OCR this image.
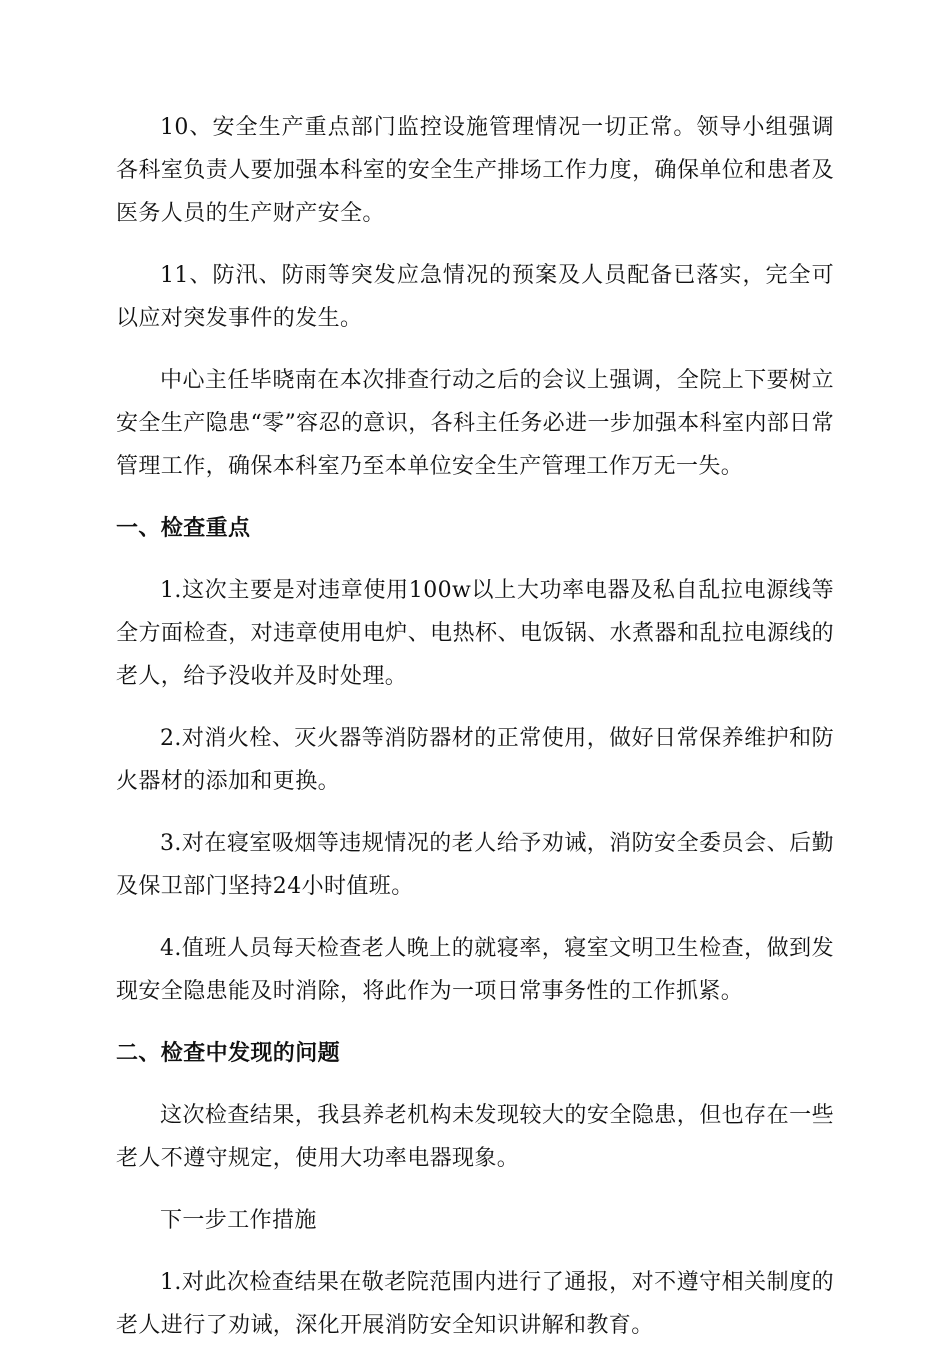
10、安全生产重点部门监控设施管理情况一切正常。领导小组强调各科室负责人要加强本科室的安全生产排场工作力度，确保单位和患者及医务人员的生产财产安全。

11、防汛、防雨等突发应急情况的预案及人员配备已落实，完全可以应对突发事件的发生。

中心主任毕晓南在本次排查行动之后的会议上强调，全院上下要树立安全生产隐患“零”容忍的意识，各科主任务必进一步加强本科室内部日常管理工作，确保本科室乃至本单位安全生产管理工作万无一失。

一、检查重点

1.这次主要是对违章使用100w以上大功率电器及私自乱拉电源线等全方面检查，对违章使用电炉、电热杯、电饭锅、水煮器和乱拉电源线的老人，给予没收并及时处理。

2.对消火栓、灭火器等消防器材的正常使用，做好日常保养维护和防火器材的添加和更换。

3.对在寝室吸烟等违规情况的老人给予劝诫，消防安全委员会、后勤及保卫部门坚持24小时值班。

4.值班人员每天检查老人晚上的就寝率，寝室文明卫生检查，做到发现安全隐患能及时消除，将此作为一项日常事务性的工作抓紧。

二、检查中发现的问题

这次检查结果，我县养老机构未发现较大的安全隐患，但也存在一些老人不遵守规定，使用大功率电器现象。

下一步工作措施

1.对此次检查结果在敬老院范围内进行了通报，对不遵守相关制度的老人进行了劝诫，深化开展消防安全知识讲解和教育。
